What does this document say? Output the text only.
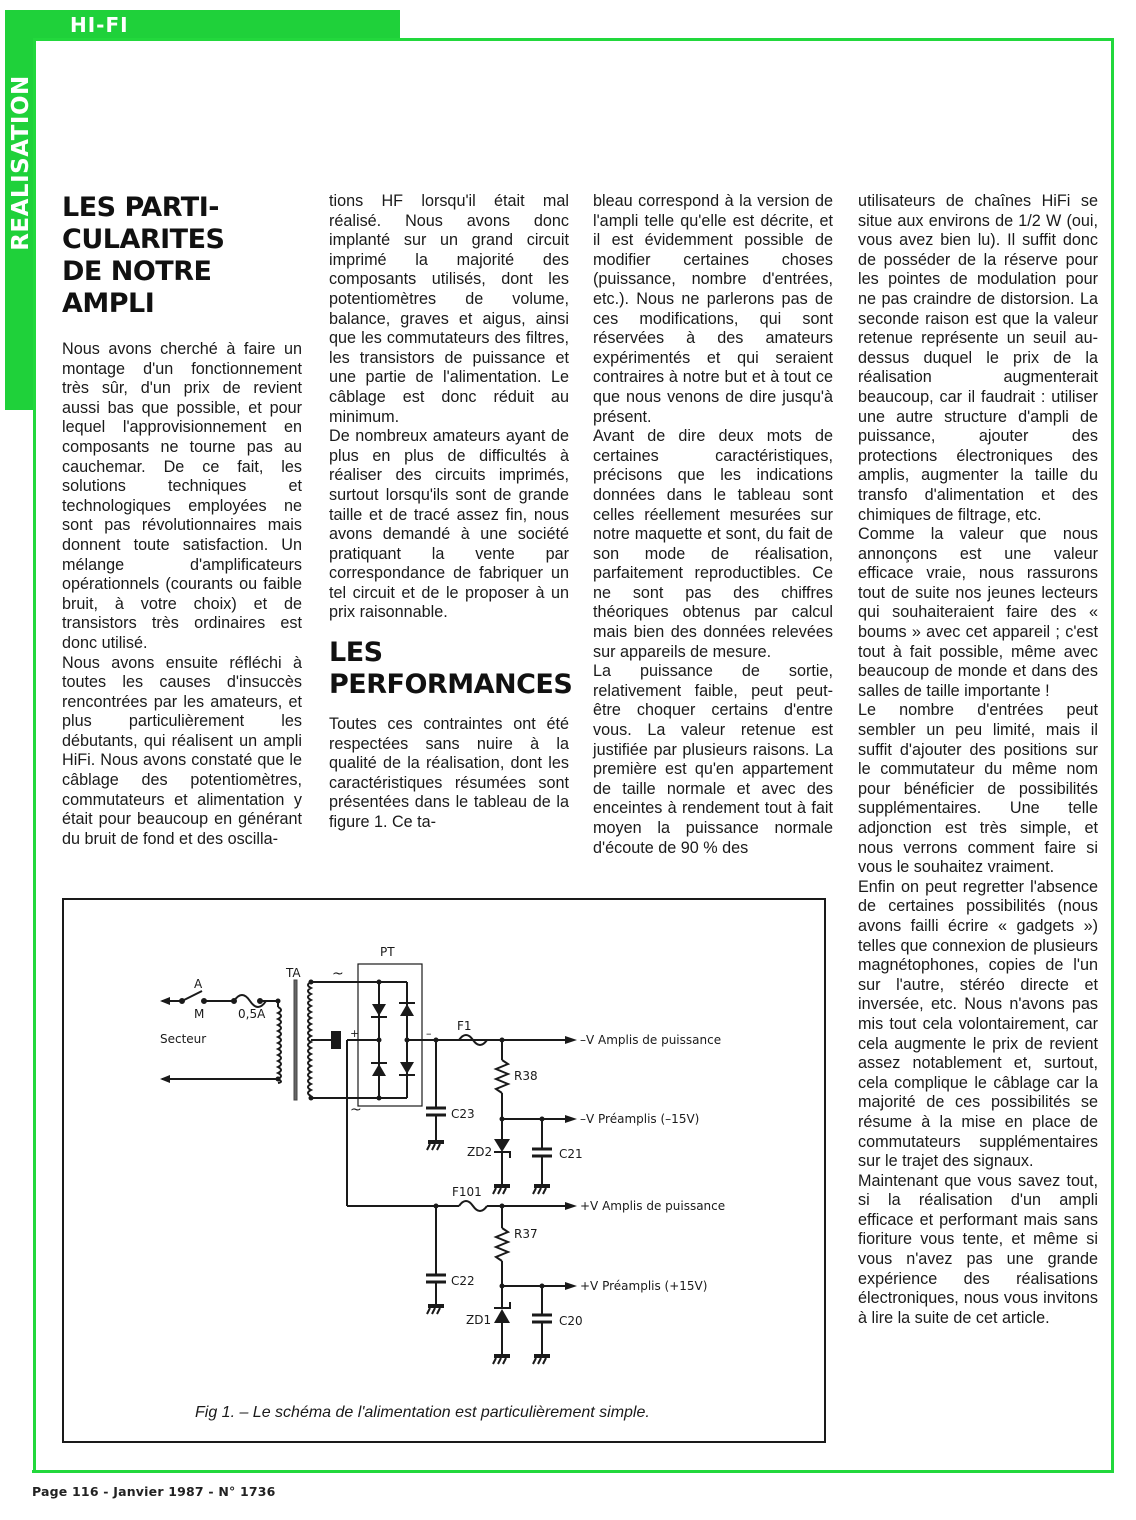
HI-FI
REALISATION LES PARTI-
CULARITES
DE NOTRE
AMPLI

Nous avons cherché à faire un montage d'un fonctionnement très sûr, d'un prix de revient aussi bas que possible, et pour lequel l'approvisionnement en composants ne tourne pas au cauchemar. De ce fait, les solutions techniques et technologiques employées ne sont pas révolutionnaires mais donnent toute satisfaction. Un mélange d'amplificateurs opérationnels (courants ou faible bruit, à votre choix) et de transistors très ordinaires est donc utilisé.

Nous avons ensuite réfléchi à toutes les causes d'insuccès rencontrées par les amateurs, et plus particulièrement les débutants, qui réalisent un ampli HiFi. Nous avons constaté que le câblage des potentiomètres, commutateurs et alimentation y était pour beaucoup en générant du bruit de fond et des oscilla-

tions HF lorsqu'il était mal réalisé. Nous avons donc implanté sur un grand circuit imprimé la majorité des composants utilisés, dont les potentiomètres de volume, balance, graves et aigus, ainsi que les commutateurs des filtres, les transistors de puissance et une partie de l'alimentation. Le câblage est donc réduit au minimum.

De nombreux amateurs ayant de plus en plus de difficultés à réaliser des circuits imprimés, surtout lorsqu'ils sont de grande taille et de tracé assez fin, nous avons demandé à une société pratiquant la vente par correspondance de fabriquer un tel circuit et de le proposer à un prix raisonnable.

LES
PERFORMANCES

Toutes ces contraintes ont été respectées sans nuire à la qualité de la réalisation, dont les caractéristiques résumées sont présentées dans le tableau de la figure 1. Ce ta-

bleau correspond à la version de l'ampli telle qu'elle est décrite, et il est évidemment possible de modifier certaines choses (puissance, nombre d'entrées, etc.). Nous ne parlerons pas de ces modifications, qui sont réservées à des amateurs expérimentés et qui seraient contraires à notre but et à tout ce que nous venons de dire jusqu'à présent.

Avant de dire deux mots de certaines caractéristiques, précisons que les indications données dans le tableau sont celles réellement mesurées sur notre maquette et sont, du fait de son mode de réalisation, parfaitement reproductibles. Ce ne sont pas des chiffres théoriques obtenus par calcul mais bien des données relevées sur appareils de mesure.

La puissance de sortie, relativement faible, peut peut-être choquer certains d'entre vous. La valeur retenue est justifiée par plusieurs raisons. La première est qu'en appartement de taille normale et avec des enceintes à rendement tout à fait moyen la puissance normale d'écoute de 90 % des

utilisateurs de chaînes HiFi se situe aux environs de 1/2 W (oui, vous avez bien lu). Il suffit donc de posséder de la réserve pour les pointes de modulation pour ne pas craindre de distorsion. La seconde raison est que la valeur retenue représente un seuil au-dessus duquel le prix de la réalisation augmenterait beaucoup, car il faudrait : utiliser une autre structure d'ampli de puissance, ajouter des protections électroniques des amplis, augmenter la taille du transfo d'alimentation et des chimiques de filtrage, etc.

Comme la valeur que nous annonçons est une valeur efficace vraie, nous rassurons tout de suite nos jeunes lecteurs qui souhaiteraient faire des « boums » avec cet appareil ; c'est tout à fait possible, même avec beaucoup de monde et dans des salles de taille importante !

Le nombre d'entrées peut sembler un peu limité, mais il suffit d'ajouter des positions sur le commutateur du même nom pour bénéficier de possibilités supplémentaires. Une telle adjonction est très simple, et nous verrons comment faire si vous le souhaitez vraiment.

Enfin on peut regretter l'absence de certaines possibilités (nous avons failli écrire « gadgets ») telles que connexion de plusieurs magnétophones, copies de l'un sur l'autre, stéréo directe et inversée, etc. Nous n'avons pas mis tout cela volontairement, car cela augmente le prix de revient assez notablement et, surtout, cela complique le câblage car la majorité de ces possibilités se résume à la mise en place de commutateurs supplémentaires sur le trajet des signaux.

Maintenant que vous savez tout, si la réalisation d'un ampli efficace et performant mais sans fioriture vous tente, et même si vous n'avez pas une grande expérience des réalisations électroniques, nous vous invitons à lire la suite de cet article.

A
M	0,5A
Secteur
TA
PT
~
~
+	–
F1
F101
R38
R37
C23
C22
C21
C20
ZD2
ZD1
–V Amplis de puissance
–V Préamplis (–15V)
+V Amplis de puissance
+V Préamplis (+15V)
Fig 1. – Le schéma de l'alimentation est particulièrement simple.
Page 116 - Janvier 1987 - N° 1736
